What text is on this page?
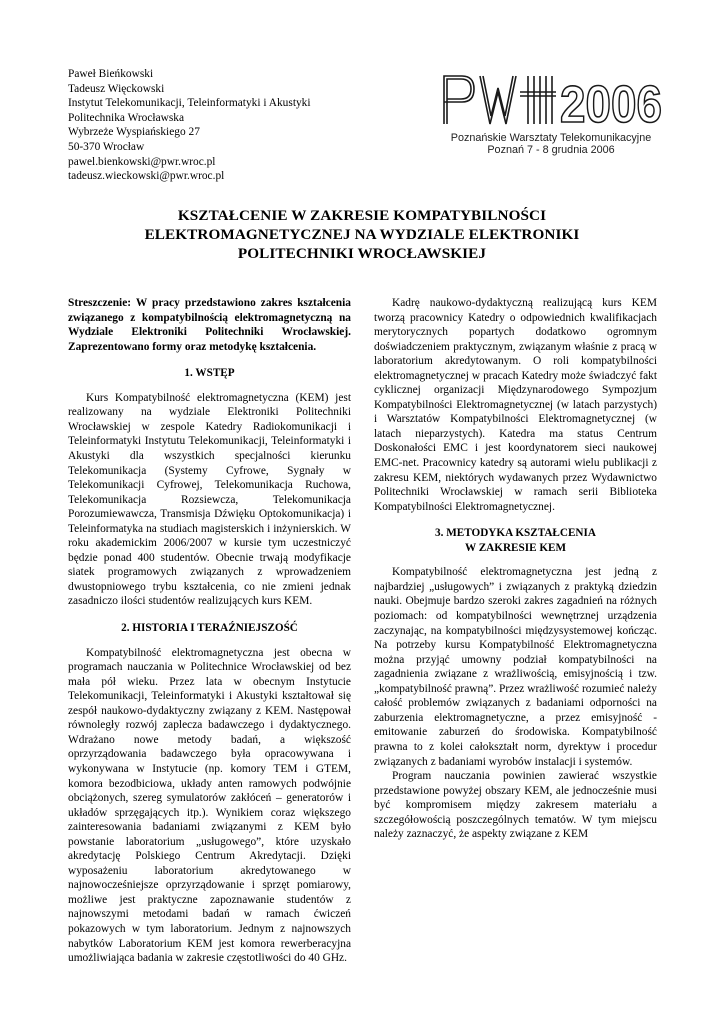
Paweł Bieńkowski
Tadeusz Więckowski
Instytut Telekomunikacji, Teleinformatyki i Akustyki
Politechnika Wrocławska
Wybrzeże Wyspiańskiego 27
50-370 Wrocław
pawel.bienkowski@pwr.wroc.pl
tadeusz.wieckowski@pwr.wroc.pl
2006
Poznańskie Warsztaty Telekomunikacyjne
Poznań 7 - 8 grudnia 2006
KSZTAŁCENIE W ZAKRESIE KOMPATYBILNOŚCI
ELEKTROMAGNETYCZNEJ NA WYDZIALE ELEKTRONIKI
POLITECHNIKI WROCŁAWSKIEJ

Streszczenie: W pracy przedstawiono zakres kształcenia związanego z kompatybilnością elektromagnetyczną na Wydziale Elektroniki Politechniki Wrocławskiej. Zaprezentowano formy oraz metodykę kształcenia.

1. WSTĘP

Kurs Kompatybilność elektromagnetyczna (KEM) jest realizowany na wydziale Elektroniki Politechniki Wrocławskiej w zespole Katedry Radiokomunikacji i Teleinformatyki Instytutu Telekomunikacji, Teleinformatyki i Akustyki dla wszystkich specjalności kierunku Telekomunikacja (Systemy Cyfrowe, Sygnały w Telekomunikacji Cyfrowej, Telekomunikacja Ruchowa, Telekomunikacja Rozsiewcza, Telekomunikacja Porozumiewawcza, Transmisja Dźwięku Optokomunikacja) i Teleinformatyka na studiach magisterskich i inżynierskich. W roku akademickim 2006/2007 w kursie tym uczestniczyć będzie ponad 400 studentów. Obecnie trwają modyfikacje siatek programowych związanych z wprowadzeniem dwustopniowego trybu kształcenia, co nie zmieni jednak zasadniczo ilości studentów realizujących kurs KEM.

2. HISTORIA I TERAŹNIEJSZOŚĆ

Kompatybilność elektromagnetyczna jest obecna w programach nauczania w Politechnice Wrocławskiej od bez mała pół wieku. Przez lata w obecnym Instytucie Telekomunikacji, Teleinformatyki i Akustyki kształtował się zespół naukowo-dydaktyczny związany z KEM. Następował równoległy rozwój zaplecza badawczego i dydaktycznego. Wdrażano nowe metody badań, a większość oprzyrządowania badawczego była opracowywana i wykonywana w Instytucie (np. komory TEM i GTEM, komora bezodbiciowa, układy anten ramowych podwójnie obciążonych, szereg symulatorów zakłóceń – generatorów i układów sprzęgających itp.). Wynikiem coraz większego zainteresowania badaniami związanymi z KEM było powstanie laboratorium „usługowego”, które uzyskało akredytację Polskiego Centrum Akredytacji. Dzięki wyposażeniu laboratorium akredytowanego w najnowocześniejsze oprzyrządowanie i sprzęt pomiarowy, możliwe jest praktyczne zapoznawanie studentów z najnowszymi metodami badań w ramach ćwiczeń pokazowych w tym laboratorium. Jednym z najnowszych nabytków Laboratorium KEM jest komora rewerberacyjna umożliwiająca badania w zakresie częstotliwości do 40 GHz.

Kadrę naukowo-dydaktyczną realizującą kurs KEM tworzą pracownicy Katedry o odpowiednich kwalifikacjach merytorycznych popartych dodatkowo ogromnym doświadczeniem praktycznym, związanym właśnie z pracą w laboratorium akredytowanym. O roli kompatybilności elektromagnetycznej w pracach Katedry może świadczyć fakt cyklicznej organizacji Międzynarodowego Sympozjum Kompatybilności Elektromagnetycznej (w latach parzystych) i Warsztatów Kompatybilności Elektromagnetycznej (w latach nieparzystych). Katedra ma status Centrum Doskonałości EMC i jest koordynatorem sieci naukowej EMC-net. Pracownicy katedry są autorami wielu publikacji z zakresu KEM, niektórych wydawanych przez Wydawnictwo Politechniki Wrocławskiej w ramach serii Biblioteka Kompatybilności Elektromagnetycznej.

3. METODYKA KSZTAŁCENIA
W ZAKRESIE KEM

Kompatybilność elektromagnetyczna jest jedną z najbardziej „usługowych” i związanych z praktyką dziedzin nauki. Obejmuje bardzo szeroki zakres zagadnień na różnych poziomach: od kompatybilności wewnętrznej urządzenia zaczynając, na kompatybilności międzysystemowej kończąc. Na potrzeby kursu Kompatybilność Elektromagnetyczna można przyjąć umowny podział kompatybilności na zagadnienia związane z wrażliwością, emisyjnością i tzw. „kompatybilność prawną”. Przez wrażliwość rozumieć należy całość problemów związanych z badaniami odporności na zaburzenia elektromagnetyczne, a przez emisyjność - emitowanie zaburzeń do środowiska. Kompatybilność prawna to z kolei całokształt norm, dyrektyw i procedur związanych z badaniami wyrobów instalacji i systemów.

Program nauczania powinien zawierać wszystkie przedstawione powyżej obszary KEM, ale jednocześnie musi być kompromisem między zakresem materiału a szczegółowością poszczególnych tematów. W tym miejscu należy zaznaczyć, że aspekty związane z KEM
